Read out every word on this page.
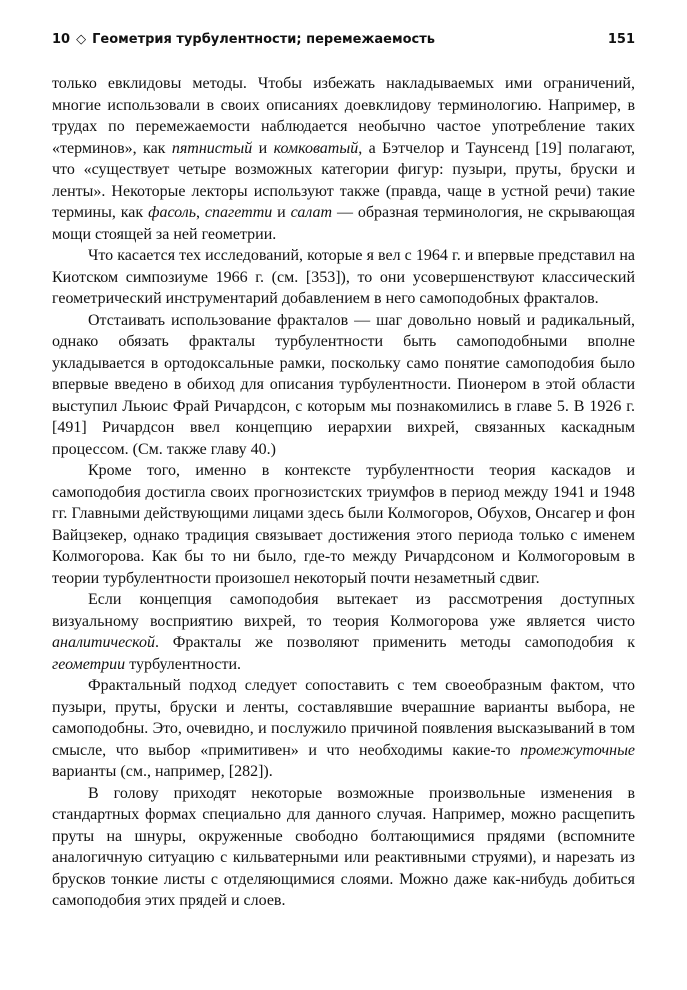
10 ◇ Геометрия турбулентности; перемежаемость	151

только евклидовы методы. Чтобы избежать накладываемых ими ограничений, многие использовали в своих описаниях доевклидову терминологию. Например, в трудах по перемежаемости наблюдается необычно частое употребление таких «терминов», как пятнистый и комковатый, а Бэтчелор и Таунсенд [19] полагают, что «существует четыре возможных категории фигур: пузыри, пруты, бруски и ленты». Некоторые лекторы используют также (правда, чаще в устной речи) такие термины, как фасоль, спагетти и салат — образная терминология, не скрывающая мощи стоящей за ней геометрии.

Что касается тех исследований, которые я вел с 1964 г. и впервые представил на Киотском симпозиуме 1966 г. (см. [353]), то они усовершенствуют классический геометрический инструментарий добавлением в него самоподобных фракталов.

Отстаивать использование фракталов — шаг довольно новый и радикальный, однако обязать фракталы турбулентности быть самоподобными вполне укладывается в ортодоксальные рамки, поскольку само понятие самоподобия было впервые введено в обиход для описания турбулентности. Пионером в этой области выступил Льюис Фрай Ричардсон, с которым мы познакомились в главе 5. В 1926 г. [491] Ричардсон ввел концепцию иерархии вихрей, связанных каскадным процессом. (См. также главу 40.)

Кроме того, именно в контексте турбулентности теория каскадов и самоподобия достигла своих прогнозистских триумфов в период между 1941 и 1948 гг. Главными действующими лицами здесь были Колмогоров, Обухов, Онсагер и фон Вайцзекер, однако традиция связывает достижения этого периода только с именем Колмогорова. Как бы то ни было, где-то между Ричардсоном и Колмогоровым в теории турбулентности произошел некоторый почти незаметный сдвиг.

Если концепция самоподобия вытекает из рассмотрения доступных визуальному восприятию вихрей, то теория Колмогорова уже является чисто аналитической. Фракталы же позволяют применить методы самоподобия к геометрии турбулентности.

Фрактальный подход следует сопоставить с тем своеобразным фактом, что пузыри, пруты, бруски и ленты, составлявшие вчерашние варианты выбора, не самоподобны. Это, очевидно, и послужило причиной появления высказываний в том смысле, что выбор «примитивен» и что необходимы какие-то промежуточные варианты (см., например, [282]).

В голову приходят некоторые возможные произвольные изменения в стандартных формах специально для данного случая. Например, можно расщепить пруты на шнуры, окруженные свободно болтающимися прядями (вспомните аналогичную ситуацию с кильватерными или реактивными струями), и нарезать из брусков тонкие листы с отделяющимися слоями. Можно даже как-нибудь добиться самоподобия этих прядей и слоев.
